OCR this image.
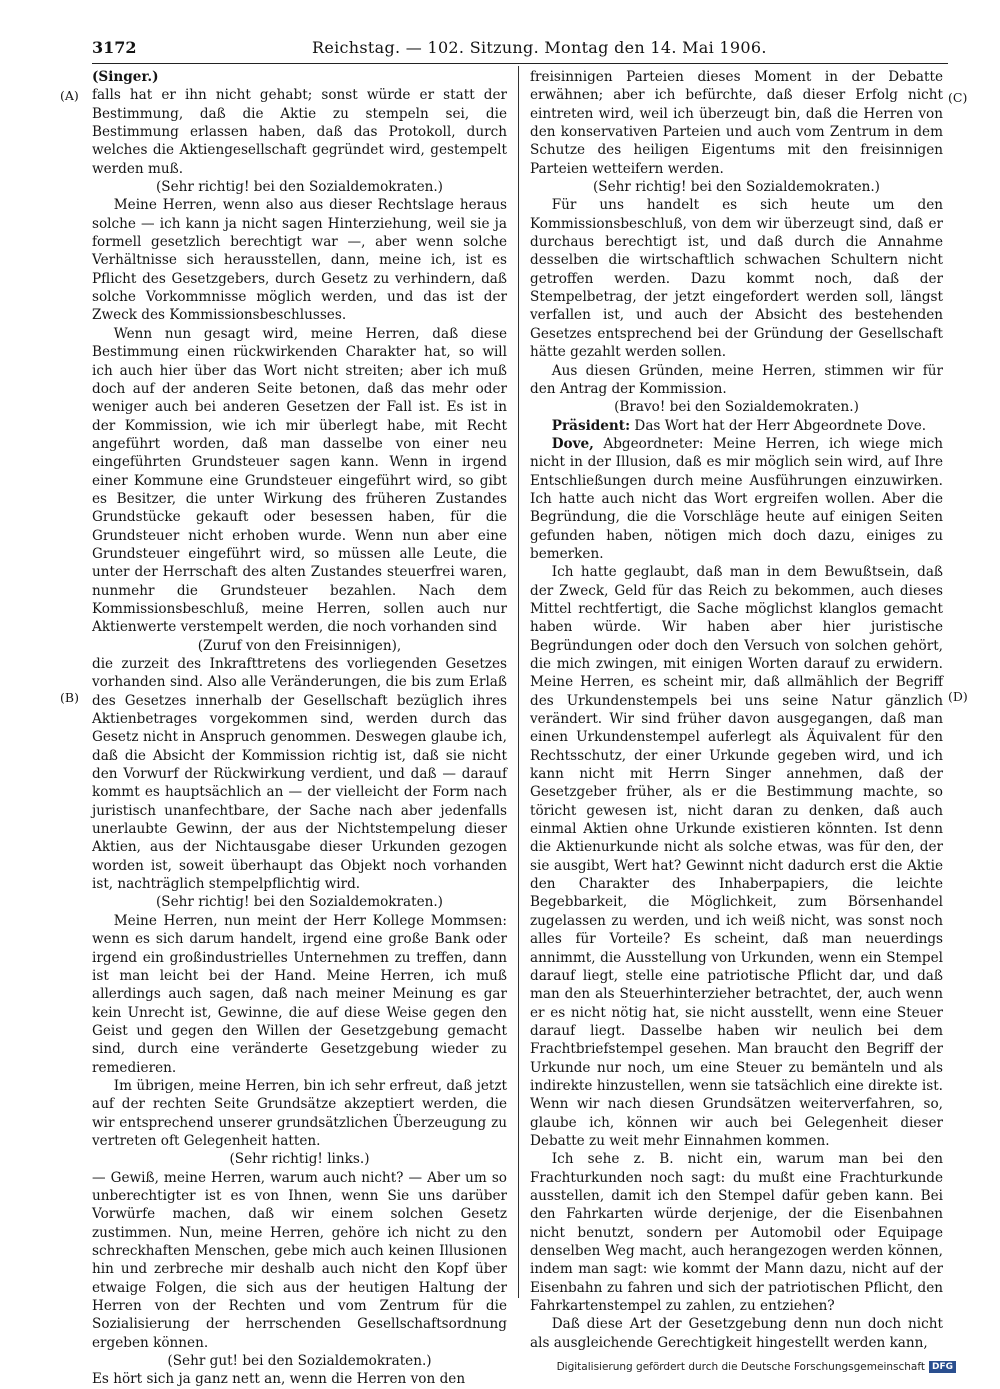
3172	Reichstag. — 102. Sitzung. Montag den 14. Mai 1906.
(A)
(B)
(C)
(D)

(Singer.)

falls hat er ihn nicht gehabt; sonst würde er statt der Bestimmung, daß die Aktie zu stempeln sei, die Bestimmung erlassen haben, daß das Protokoll, durch welches die Aktiengesellschaft gegründet wird, gestempelt werden muß.

(Sehr richtig! bei den Sozialdemokraten.)

Meine Herren, wenn also aus dieser Rechtslage heraus solche — ich kann ja nicht sagen Hinterziehung, weil sie ja formell gesetzlich berechtigt war —, aber wenn solche Verhältnisse sich herausstellen, dann, meine ich, ist es Pflicht des Gesetzgebers, durch Gesetz zu verhindern, daß solche Vorkommnisse möglich werden, und das ist der Zweck des Kommissionsbeschlusses.

Wenn nun gesagt wird, meine Herren, daß diese Bestimmung einen rückwirkenden Charakter hat, so will ich auch hier über das Wort nicht streiten; aber ich muß doch auf der anderen Seite betonen, daß das mehr oder weniger auch bei anderen Gesetzen der Fall ist. Es ist in der Kommission, wie ich mir überlegt habe, mit Recht angeführt worden, daß man dasselbe von einer neu eingeführten Grundsteuer sagen kann. Wenn in irgend einer Kommune eine Grundsteuer eingeführt wird, so gibt es Besitzer, die unter Wirkung des früheren Zustandes Grundstücke gekauft oder besessen haben, für die Grundsteuer nicht erhoben wurde. Wenn nun aber eine Grundsteuer eingeführt wird, so müssen alle Leute, die unter der Herrschaft des alten Zustandes steuerfrei waren, nunmehr die Grundsteuer bezahlen. Nach dem Kommissionsbeschluß, meine Herren, sollen auch nur Aktienwerte verstempelt werden, die noch vorhanden sind

(Zuruf von den Freisinnigen),

die zurzeit des Inkrafttretens des vorliegenden Gesetzes vorhanden sind. Also alle Veränderungen, die bis zum Erlaß des Gesetzes innerhalb der Gesellschaft bezüglich ihres Aktienbetrages vorgekommen sind, werden durch das Gesetz nicht in Anspruch genommen. Deswegen glaube ich, daß die Absicht der Kommission richtig ist, daß sie nicht den Vorwurf der Rückwirkung verdient, und daß — darauf kommt es hauptsächlich an — der vielleicht der Form nach juristisch unanfechtbare, der Sache nach aber jedenfalls unerlaubte Gewinn, der aus der Nichtstempelung dieser Aktien, aus der Nichtausgabe dieser Urkunden gezogen worden ist, soweit überhaupt das Objekt noch vorhanden ist, nachträglich stempelpflichtig wird.

(Sehr richtig! bei den Sozialdemokraten.)

Meine Herren, nun meint der Herr Kollege Mommsen: wenn es sich darum handelt, irgend eine große Bank oder irgend ein großindustrielles Unternehmen zu treffen, dann ist man leicht bei der Hand. Meine Herren, ich muß allerdings auch sagen, daß nach meiner Meinung es gar kein Unrecht ist, Gewinne, die auf diese Weise gegen den Geist und gegen den Willen der Gesetzgebung gemacht sind, durch eine veränderte Gesetzgebung wieder zu remedieren.

Im übrigen, meine Herren, bin ich sehr erfreut, daß jetzt auf der rechten Seite Grundsätze akzeptiert werden, die wir entsprechend unserer grundsätzlichen Überzeugung zu vertreten oft Gelegenheit hatten.

(Sehr richtig! links.)

— Gewiß, meine Herren, warum auch nicht? — Aber um so unberechtigter ist es von Ihnen, wenn Sie uns darüber Vorwürfe machen, daß wir einem solchen Gesetz zustimmen. Nun, meine Herren, gehöre ich nicht zu den schreckhaften Menschen, gebe mich auch keinen Illusionen hin und zerbreche mir deshalb auch nicht den Kopf über etwaige Folgen, die sich aus der heutigen Haltung der Herren von der Rechten und vom Zentrum für die Sozialisierung der herrschenden Gesellschaftsordnung ergeben können.

(Sehr gut! bei den Sozialdemokraten.)

Es hört sich ja ganz nett an, wenn die Herren von den

freisinnigen Parteien dieses Moment in der Debatte erwähnen; aber ich befürchte, daß dieser Erfolg nicht eintreten wird, weil ich überzeugt bin, daß die Herren von den konservativen Parteien und auch vom Zentrum in dem Schutze des heiligen Eigentums mit den freisinnigen Parteien wetteifern werden.

(Sehr richtig! bei den Sozialdemokraten.)

Für uns handelt es sich heute um den Kommissionsbeschluß, von dem wir überzeugt sind, daß er durchaus berechtigt ist, und daß durch die Annahme desselben die wirtschaftlich schwachen Schultern nicht getroffen werden. Dazu kommt noch, daß der Stempelbetrag, der jetzt eingefordert werden soll, längst verfallen ist, und auch der Absicht des bestehenden Gesetzes entsprechend bei der Gründung der Gesellschaft hätte gezahlt werden sollen.

Aus diesen Gründen, meine Herren, stimmen wir für den Antrag der Kommission.

(Bravo! bei den Sozialdemokraten.)

Präsident: Das Wort hat der Herr Abgeordnete Dove.

Dove, Abgeordneter: Meine Herren, ich wiege mich nicht in der Illusion, daß es mir möglich sein wird, auf Ihre Entschließungen durch meine Ausführungen einzuwirken. Ich hatte auch nicht das Wort ergreifen wollen. Aber die Begründung, die die Vorschläge heute auf einigen Seiten gefunden haben, nötigen mich doch dazu, einiges zu bemerken.

Ich hatte geglaubt, daß man in dem Bewußtsein, daß der Zweck, Geld für das Reich zu bekommen, auch dieses Mittel rechtfertigt, die Sache möglichst klanglos gemacht haben würde. Wir haben aber hier juristische Begründungen oder doch den Versuch von solchen gehört, die mich zwingen, mit einigen Worten darauf zu erwidern. Meine Herren, es scheint mir, daß allmählich der Begriff des Urkundenstempels bei uns seine Natur gänzlich verändert. Wir sind früher davon ausgegangen, daß man einen Urkundenstempel auferlegt als Äquivalent für den Rechtsschutz, der einer Urkunde gegeben wird, und ich kann nicht mit Herrn Singer annehmen, daß der Gesetzgeber früher, als er die Bestimmung machte, so töricht gewesen ist, nicht daran zu denken, daß auch einmal Aktien ohne Urkunde existieren könnten. Ist denn die Aktienurkunde nicht als solche etwas, was für den, der sie ausgibt, Wert hat? Gewinnt nicht dadurch erst die Aktie den Charakter des Inhaberpapiers, die leichte Begebbarkeit, die Möglichkeit, zum Börsenhandel zugelassen zu werden, und ich weiß nicht, was sonst noch alles für Vorteile? Es scheint, daß man neuerdings annimmt, die Ausstellung von Urkunden, wenn ein Stempel darauf liegt, stelle eine patriotische Pflicht dar, und daß man den als Steuerhinterzieher betrachtet, der, auch wenn er es nicht nötig hat, sie nicht ausstellt, wenn eine Steuer darauf liegt. Dasselbe haben wir neulich bei dem Frachtbriefstempel gesehen. Man braucht den Begriff der Urkunde nur noch, um eine Steuer zu bemänteln und als indirekte hinzustellen, wenn sie tatsächlich eine direkte ist. Wenn wir nach diesen Grundsätzen weiterverfahren, so, glaube ich, können wir auch bei Gelegenheit dieser Debatte zu weit mehr Einnahmen kommen.

Ich sehe z. B. nicht ein, warum man bei den Frachturkunden noch sagt: du mußt eine Frachturkunde ausstellen, damit ich den Stempel dafür geben kann. Bei den Fahrkarten würde derjenige, der die Eisenbahnen nicht benutzt, sondern per Automobil oder Equipage denselben Weg macht, auch herangezogen werden können, indem man sagt: wie kommt der Mann dazu, nicht auf der Eisenbahn zu fahren und sich der patriotischen Pflicht, den Fahrkartenstempel zu zahlen, zu entziehen?

Daß diese Art der Gesetzgebung denn nun doch nicht als ausgleichende Gerechtigkeit hingestellt werden kann,

Digitalisierung gefördert durch die Deutsche Forschungsgemeinschaft DFG
